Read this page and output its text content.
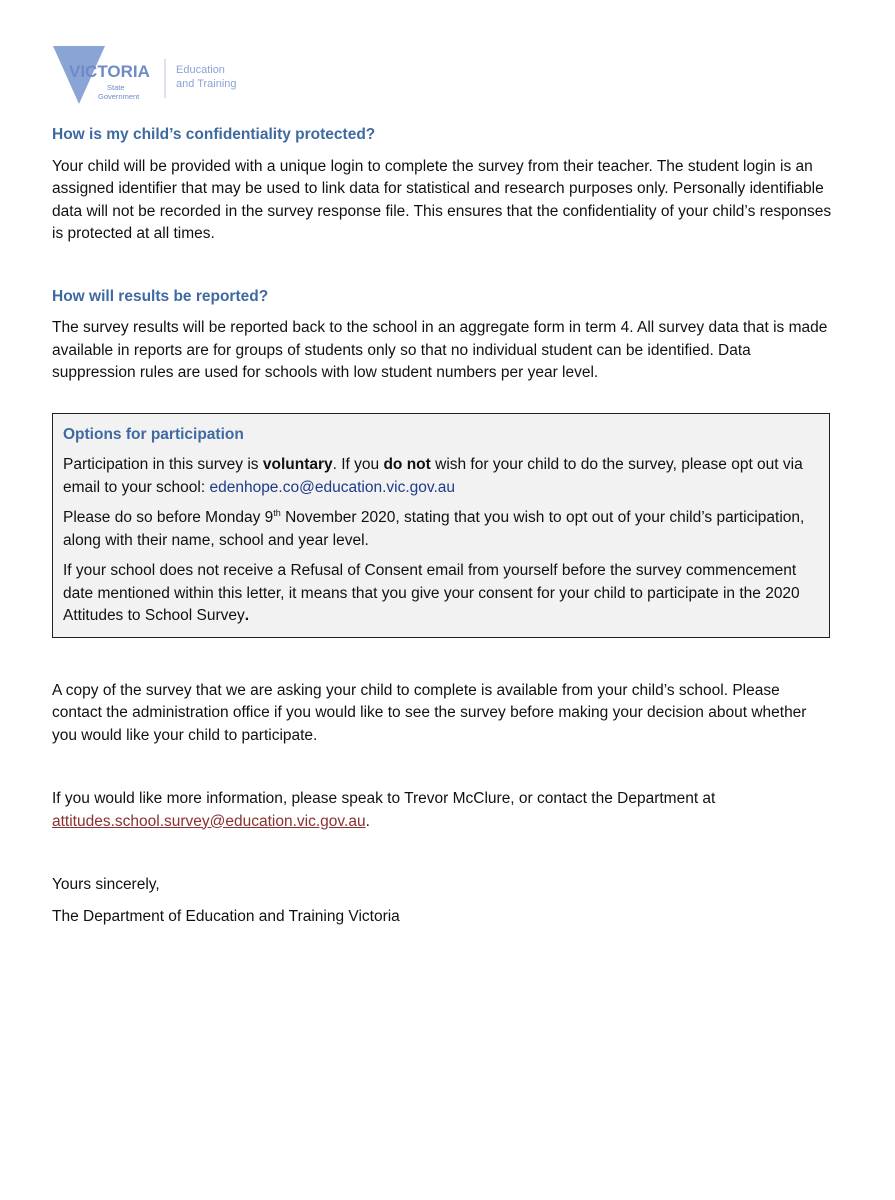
VICTORIA
State
Government
Education
and Training
How is my child’s confidentiality protected?

Your child will be provided with a unique login to complete the survey from their teacher. The student login is an assigned identifier that may be used to link data for statistical and research purposes only. Personally identifiable data will not be recorded in the survey response file. This ensures that the confidentiality of your child’s responses is protected at all times.

How will results be reported?

The survey results will be reported back to the school in an aggregate form in term 4. All survey data that is made available in reports are for groups of students only so that no individual student can be identified. Data suppression rules are used for schools with low student numbers per year level.

Options for participation

Participation in this survey is voluntary. If you do not wish for your child to do the survey, please opt out via email to your school: edenhope.co@education.vic.gov.au

Please do so before Monday 9th November 2020, stating that you wish to opt out of your child’s participation, along with their name, school and year level.

If your school does not receive a Refusal of Consent email from yourself before the survey commencement date mentioned within this letter, it means that you give your consent for your child to participate in the 2020 Attitudes to School Survey.

A copy of the survey that we are asking your child to complete is available from your child’s school. Please contact the administration office if you would like to see the survey before making your decision about whether you would like your child to participate.

If you would like more information, please speak to Trevor McClure, or contact the Department at attitudes.school.survey@education.vic.gov.au.

Yours sincerely,

The Department of Education and Training Victoria
